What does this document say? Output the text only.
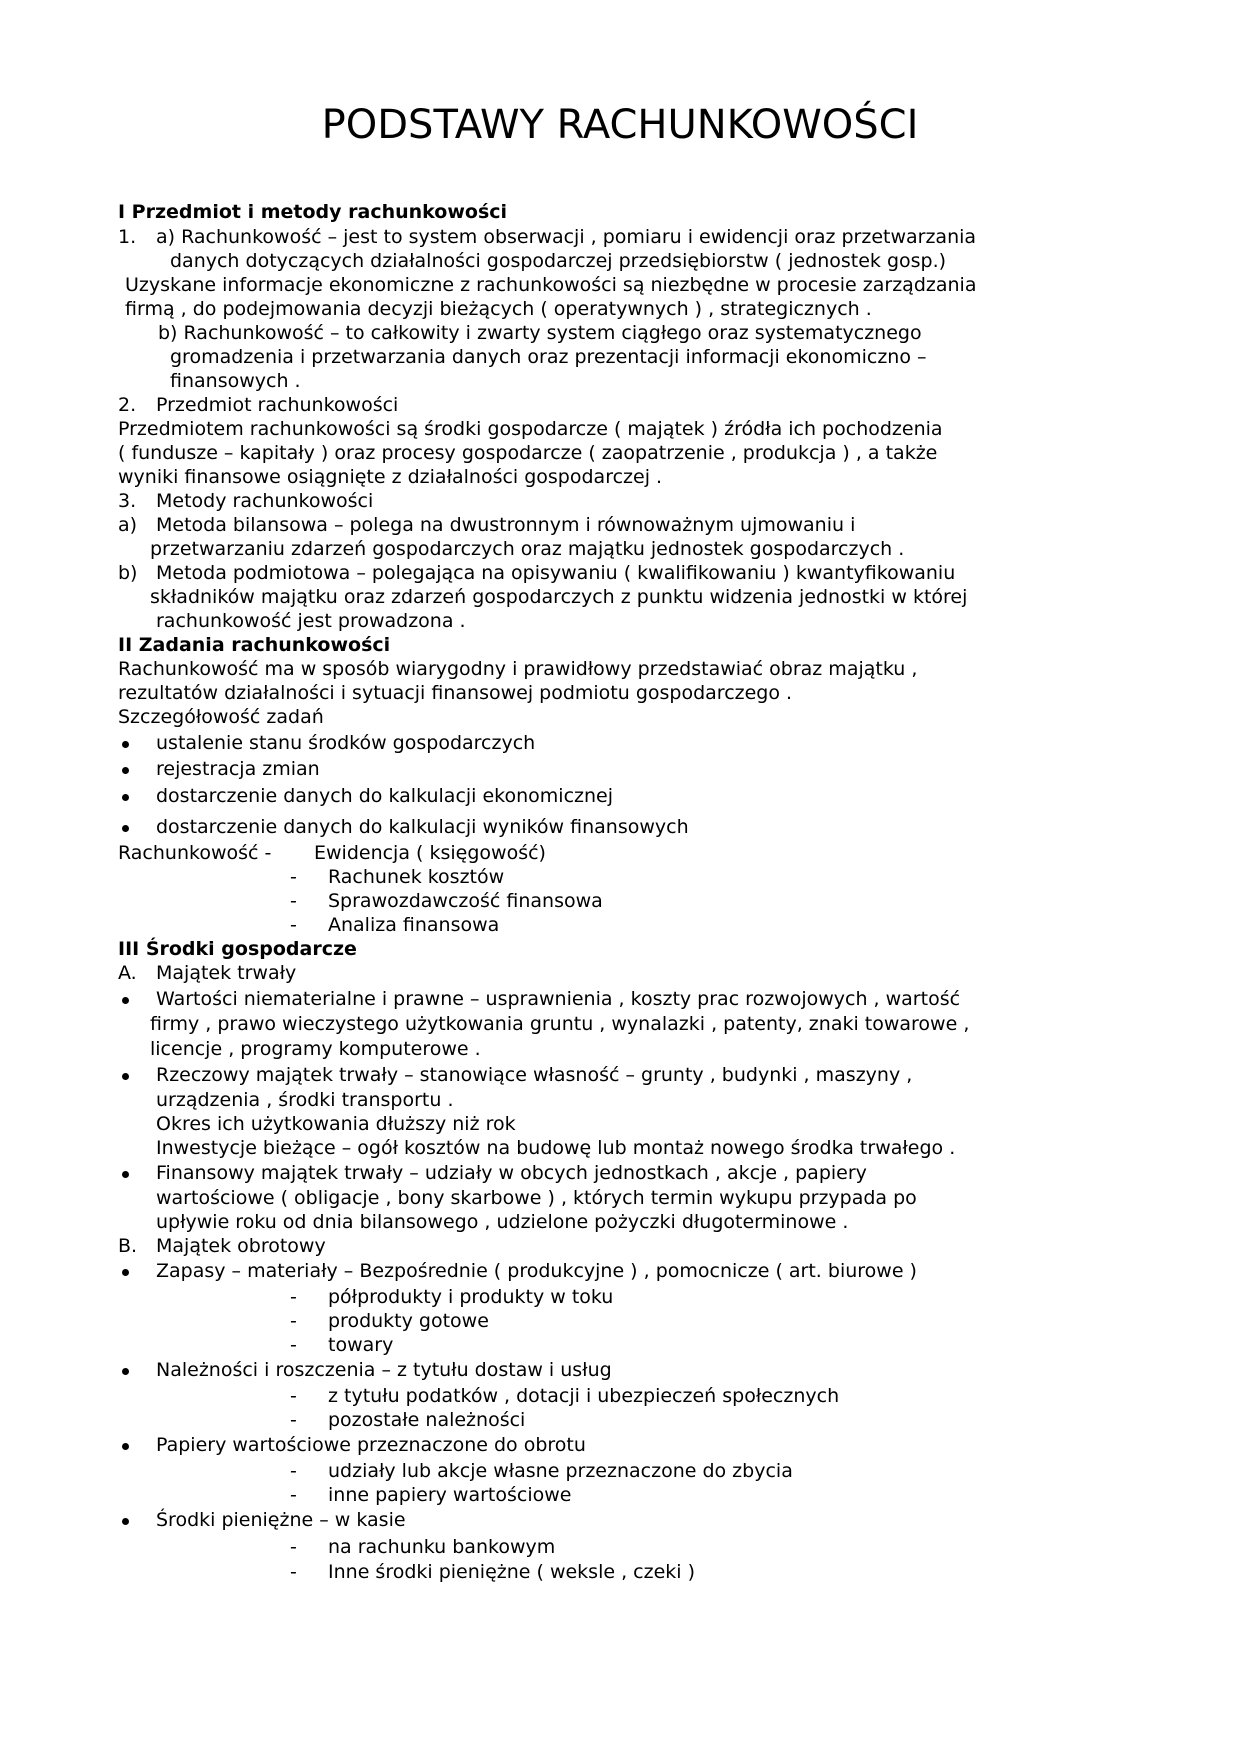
PODSTAWY RACHUNKOWOŚCI
I Przedmiot i metody rachunkowości
1. a) Rachunkowość – jest to system obserwacji , pomiaru i ewidencji oraz przetwarzania
danych dotyczących działalności gospodarczej przedsiębiorstw ( jednostek gosp.)
Uzyskane informacje ekonomiczne z rachunkowości są niezbędne w procesie zarządzania
firmą , do podejmowania decyzji bieżących ( operatywnych ) , strategicznych .
b) Rachunkowość – to całkowity i zwarty system ciągłego oraz systematycznego
gromadzenia i przetwarzania danych oraz prezentacji informacji ekonomiczno –
finansowych .
2. Przedmiot rachunkowości
Przedmiotem rachunkowości są środki gospodarcze ( majątek ) źródła ich pochodzenia
( fundusze – kapitały ) oraz procesy gospodarcze ( zaopatrzenie , produkcja ) , a także
wyniki finansowe osiągnięte z działalności gospodarczej .
3. Metody rachunkowości
a) Metoda bilansowa – polega na dwustronnym i równoważnym ujmowaniu i
przetwarzaniu zdarzeń gospodarczych oraz majątku jednostek gospodarczych .
b) Metoda podmiotowa – polegająca na opisywaniu ( kwalifikowaniu ) kwantyfikowaniu
składników majątku oraz zdarzeń gospodarczych z punktu widzenia jednostki w której
rachunkowość jest prowadzona .
II Zadania rachunkowości
Rachunkowość ma w sposób wiarygodny i prawidłowy przedstawiać obraz majątku ,
rezultatów działalności i sytuacji finansowej podmiotu gospodarczego .
Szczegółowość zadań
ustalenie stanu środków gospodarczych
rejestracja zmian
dostarczenie danych do kalkulacji ekonomicznej
dostarczenie danych do kalkulacji wyników finansowych
Rachunkowość - Ewidencja ( księgowość)
- Rachunek kosztów
- Sprawozdawczość finansowa
- Analiza finansowa
III Środki gospodarcze
A. Majątek trwały
Wartości niematerialne i prawne – usprawnienia , koszty prac rozwojowych , wartość
firmy , prawo wieczystego użytkowania gruntu , wynalazki , patenty, znaki towarowe ,
licencje , programy komputerowe .
Rzeczowy majątek trwały – stanowiące własność – grunty , budynki , maszyny ,
urządzenia , środki transportu .
Okres ich użytkowania dłuższy niż rok
Inwestycje bieżące – ogół kosztów na budowę lub montaż nowego środka trwałego .
Finansowy majątek trwały – udziały w obcych jednostkach , akcje , papiery
wartościowe ( obligacje , bony skarbowe ) , których termin wykupu przypada po
upływie roku od dnia bilansowego , udzielone pożyczki długoterminowe .
B. Majątek obrotowy
Zapasy – materiały – Bezpośrednie ( produkcyjne ) , pomocnicze ( art. biurowe )
- półprodukty i produkty w toku
- produkty gotowe
- towary
Należności i roszczenia – z tytułu dostaw i usług
- z tytułu podatków , dotacji i ubezpieczeń społecznych
- pozostałe należności
Papiery wartościowe przeznaczone do obrotu
- udziały lub akcje własne przeznaczone do zbycia
- inne papiery wartościowe
Środki pieniężne – w kasie
- na rachunku bankowym
- Inne środki pieniężne ( weksle , czeki )
